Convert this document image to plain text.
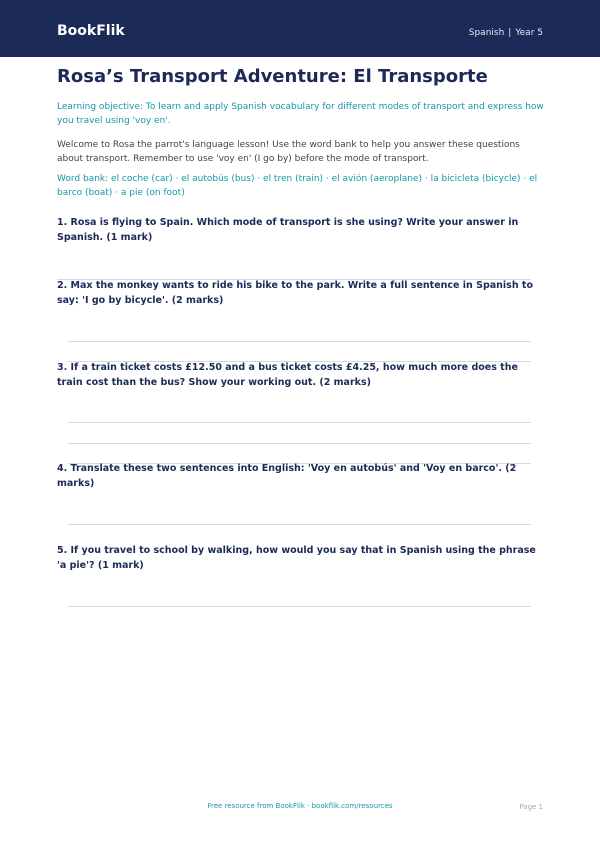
BookFlik	Spanish | Year 5
Rosa’s Transport Adventure: El Transporte
Learning objective: To learn and apply Spanish vocabulary for different modes of transport and express how you travel using 'voy en'.
Welcome to Rosa the parrot's language lesson! Use the word bank to help you answer these questions about transport. Remember to use 'voy en' (I go by) before the mode of transport.
Word bank: el coche (car) · el autobús (bus) · el tren (train) · el avión (aeroplane) · la bicicleta (bicycle) · el barco (boat) · a pie (on foot)
1. Rosa is flying to Spain. Which mode of transport is she using? Write your answer in Spanish. (1 mark)
2. Max the monkey wants to ride his bike to the park. Write a full sentence in Spanish to say: 'I go by bicycle'. (2 marks)
3. If a train ticket costs £12.50 and a bus ticket costs £4.25, how much more does the train cost than the bus? Show your working out. (2 marks)
4. Translate these two sentences into English: 'Voy en autobús' and 'Voy en barco'. (2 marks)
5. If you travel to school by walking, how would you say that in Spanish using the phrase 'a pie'? (1 mark)
Free resource from BookFlik · bookflik.com/resources	Page 1
